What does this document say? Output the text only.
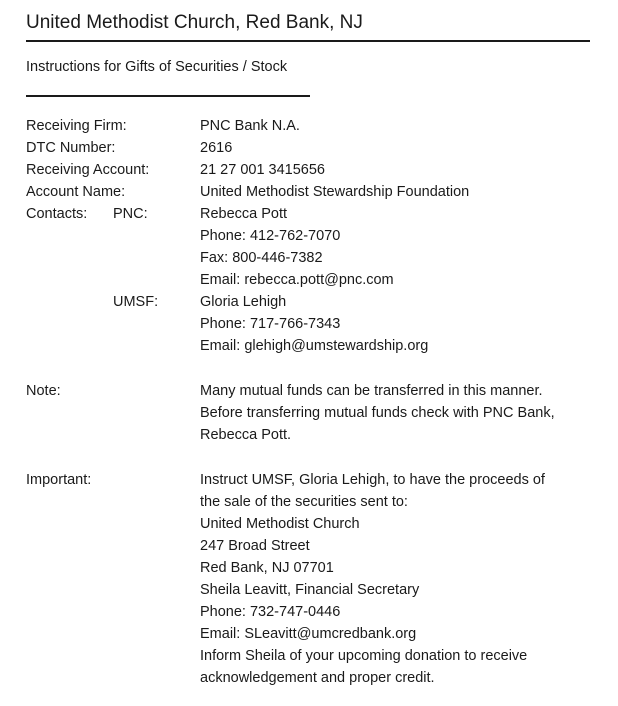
United Methodist Church, Red Bank, NJ
Instructions for Gifts of Securities / Stock
Receiving Firm:	PNC Bank N.A.
DTC Number:	2616
Receiving Account:	21 27 001 3415656
Account Name:	United Methodist Stewardship Foundation
Contacts: PNC:	Rebecca Pott
Phone: 412-762-7070
Fax: 800-446-7382
Email: rebecca.pott@pnc.com
UMSF:	Gloria Lehigh
Phone: 717-766-7343
Email: glehigh@umstewardship.org
Note:	Many mutual funds can be transferred in this manner.
Before transferring mutual funds check with PNC Bank,
Rebecca Pott.
Important:	Instruct UMSF, Gloria Lehigh, to have the proceeds of
the sale of the securities sent to:
United Methodist Church
247 Broad Street
Red Bank, NJ 07701
Sheila Leavitt, Financial Secretary
Phone: 732-747-0446
Email: SLeavitt@umcredbank.org
Inform Sheila of your upcoming donation to receive
acknowledgement and proper credit.
